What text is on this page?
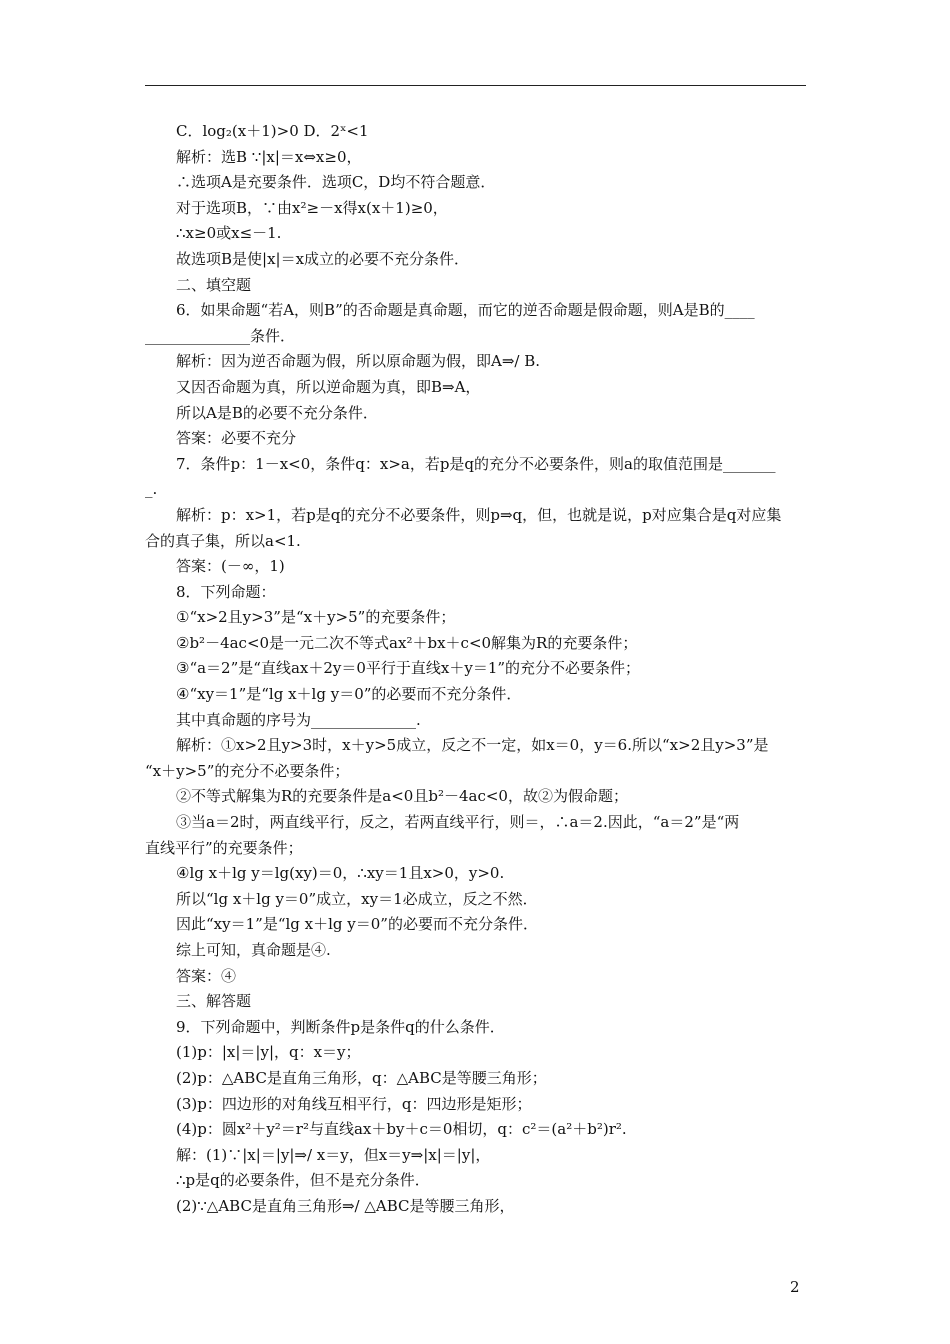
C．log₂(x＋1)>0 D．2ˣ<1
解析：选B ∵|x|＝x⇔x≥0，
∴选项A是充要条件．选项C，D均不符合题意．
对于选项B，∵由x²≥－x得x(x＋1)≥0，
∴x≥0或x≤－1.
故选项B是使|x|＝x成立的必要不充分条件．
二、填空题
6．如果命题“若A，则B”的否命题是真命题，而它的逆否命题是假命题，则A是B的____
______________条件．
解析：因为逆否命题为假，所以原命题为假，即A⇒/ B.
又因否命题为真，所以逆命题为真，即B⇒A，
所以A是B的必要不充分条件．
答案：必要不充分
7．条件p：1－x<0，条件q：x>a，若p是q的充分不必要条件，则a的取值范围是_______
_.
解析：p：x>1，若p是q的充分不必要条件，则p⇒q，但，也就是说，p对应集合是q对应集
合的真子集，所以a<1.
答案：(－∞，1)
8．下列命题：
①“x>2且y>3”是“x＋y>5”的充要条件；
②b²－4ac<0是一元二次不等式ax²＋bx＋c<0解集为R的充要条件；
③“a＝2”是“直线ax＋2y＝0平行于直线x＋y＝1”的充分不必要条件；
④“xy＝1”是“lg x＋lg y＝0”的必要而不充分条件．
其中真命题的序号为______________.
解析：①x>2且y>3时，x＋y>5成立，反之不一定，如x＝0，y＝6.所以“x>2且y>3”是
“x＋y>5”的充分不必要条件；
②不等式解集为R的充要条件是a<0且b²－4ac<0，故②为假命题；
③当a＝2时，两直线平行，反之，若两直线平行，则＝，∴a＝2.因此，“a＝2”是“两
直线平行”的充要条件；
④lg x＋lg y＝lg(xy)＝0，∴xy＝1且x>0，y>0.
所以“lg x＋lg y＝0”成立，xy＝1必成立，反之不然．
因此“xy＝1”是“lg x＋lg y＝0”的必要而不充分条件．
综上可知，真命题是④.
答案：④
三、解答题
9．下列命题中，判断条件p是条件q的什么条件．
(1)p：|x|＝|y|，q：x＝y；
(2)p：△ABC是直角三角形，q：△ABC是等腰三角形；
(3)p：四边形的对角线互相平行，q：四边形是矩形；
(4)p：圆x²＋y²＝r²与直线ax＋by＋c＝0相切，q：c²＝(a²＋b²)r².
解：(1)∵|x|＝|y|⇒/ x＝y，但x＝y⇒|x|＝|y|，
∴p是q的必要条件，但不是充分条件．
(2)∵△ABC是直角三角形⇒/ △ABC是等腰三角形，
2
